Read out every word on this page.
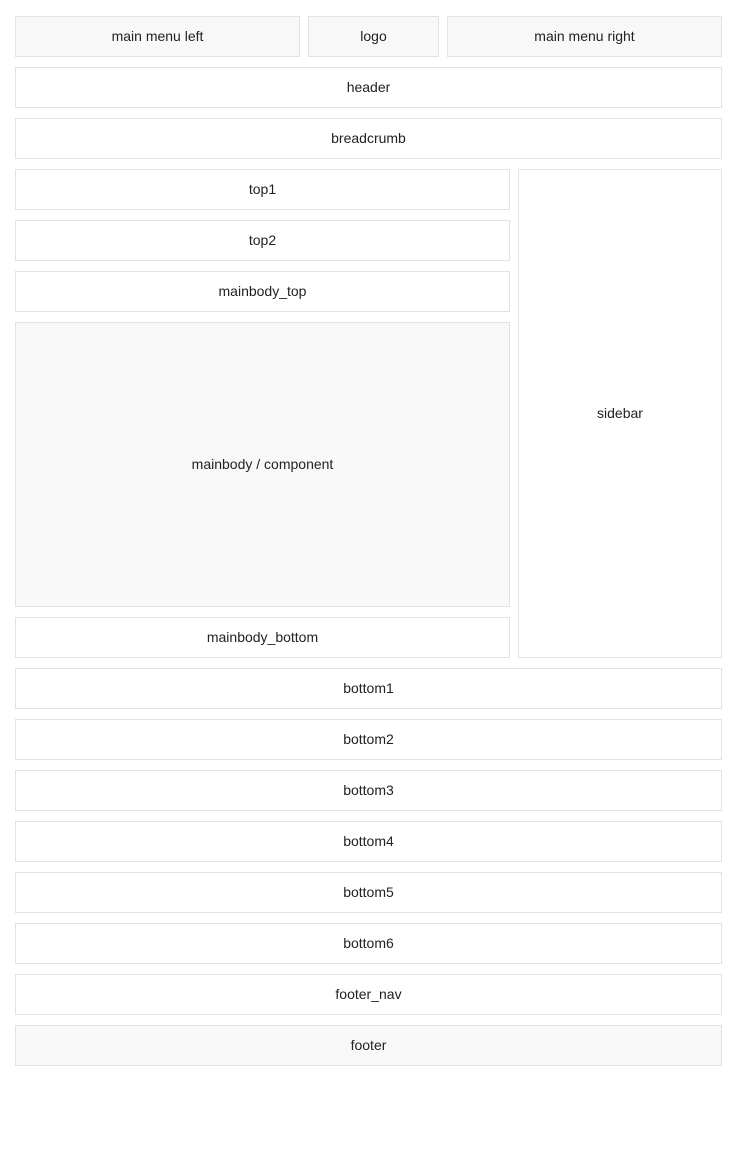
main menu left	logo	main menu right
header
breadcrumb
top1
top2
mainbody_top
mainbody / component
mainbody_bottom
sidebar
bottom1
bottom2
bottom3
bottom4
bottom5
bottom6
footer_nav
footer
